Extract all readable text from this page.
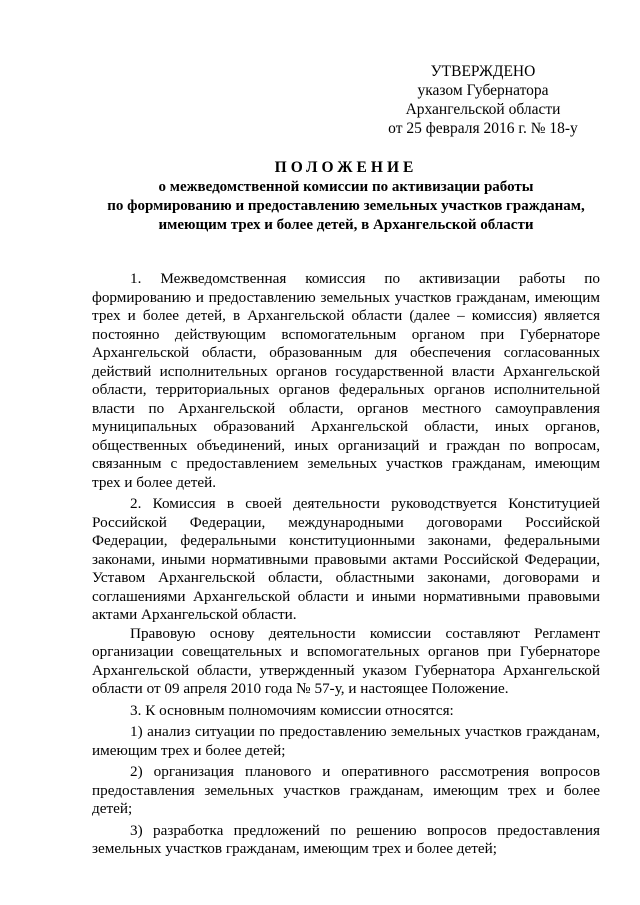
УТВЕРЖДЕНО
указом Губернатора
Архангельской области
от 25 февраля 2016 г. № 18-у
ПОЛОЖЕНИЕ
о межведомственной комиссии по активизации работы
по формированию и предоставлению земельных участков гражданам,
имеющим трех и более детей, в Архангельской области

1. Межведомственная комиссия по активизации работы по формированию и предоставлению земельных участков гражданам, имеющим трех и более детей, в Архангельской области (далее – комиссия) является постоянно действующим вспомогательным органом при Губернаторе Архангельской области, образованным для обеспечения согласованных действий исполнительных органов государственной власти Архангельской области, территориальных органов федеральных органов исполнительной власти по Архангельской области, органов местного самоуправления муниципальных образований Архангельской области, иных органов, общественных объединений, иных организаций и граждан по вопросам, связанным с предоставлением земельных участков гражданам, имеющим трех и более детей.

2. Комиссия в своей деятельности руководствуется Конституцией Российской Федерации, международными договорами Российской Федерации, федеральными конституционными законами, федеральными законами, иными нормативными правовыми актами Российской Федерации, Уставом Архангельской области, областными законами, договорами и соглашениями Архангельской области и иными нормативными правовыми актами Архангельской области.

Правовую основу деятельности комиссии составляют Регламент организации совещательных и вспомогательных органов при Губернаторе Архангельской области, утвержденный указом Губернатора Архангельской области от 09 апреля 2010 года № 57-у, и настоящее Положение.

3. К основным полномочиям комиссии относятся:

1) анализ ситуации по предоставлению земельных участков гражданам, имеющим трех и более детей;

2) организация планового и оперативного рассмотрения вопросов предоставления земельных участков гражданам, имеющим трех и более детей;

3) разработка предложений по решению вопросов предоставления земельных участков гражданам, имеющим трех и более детей;
